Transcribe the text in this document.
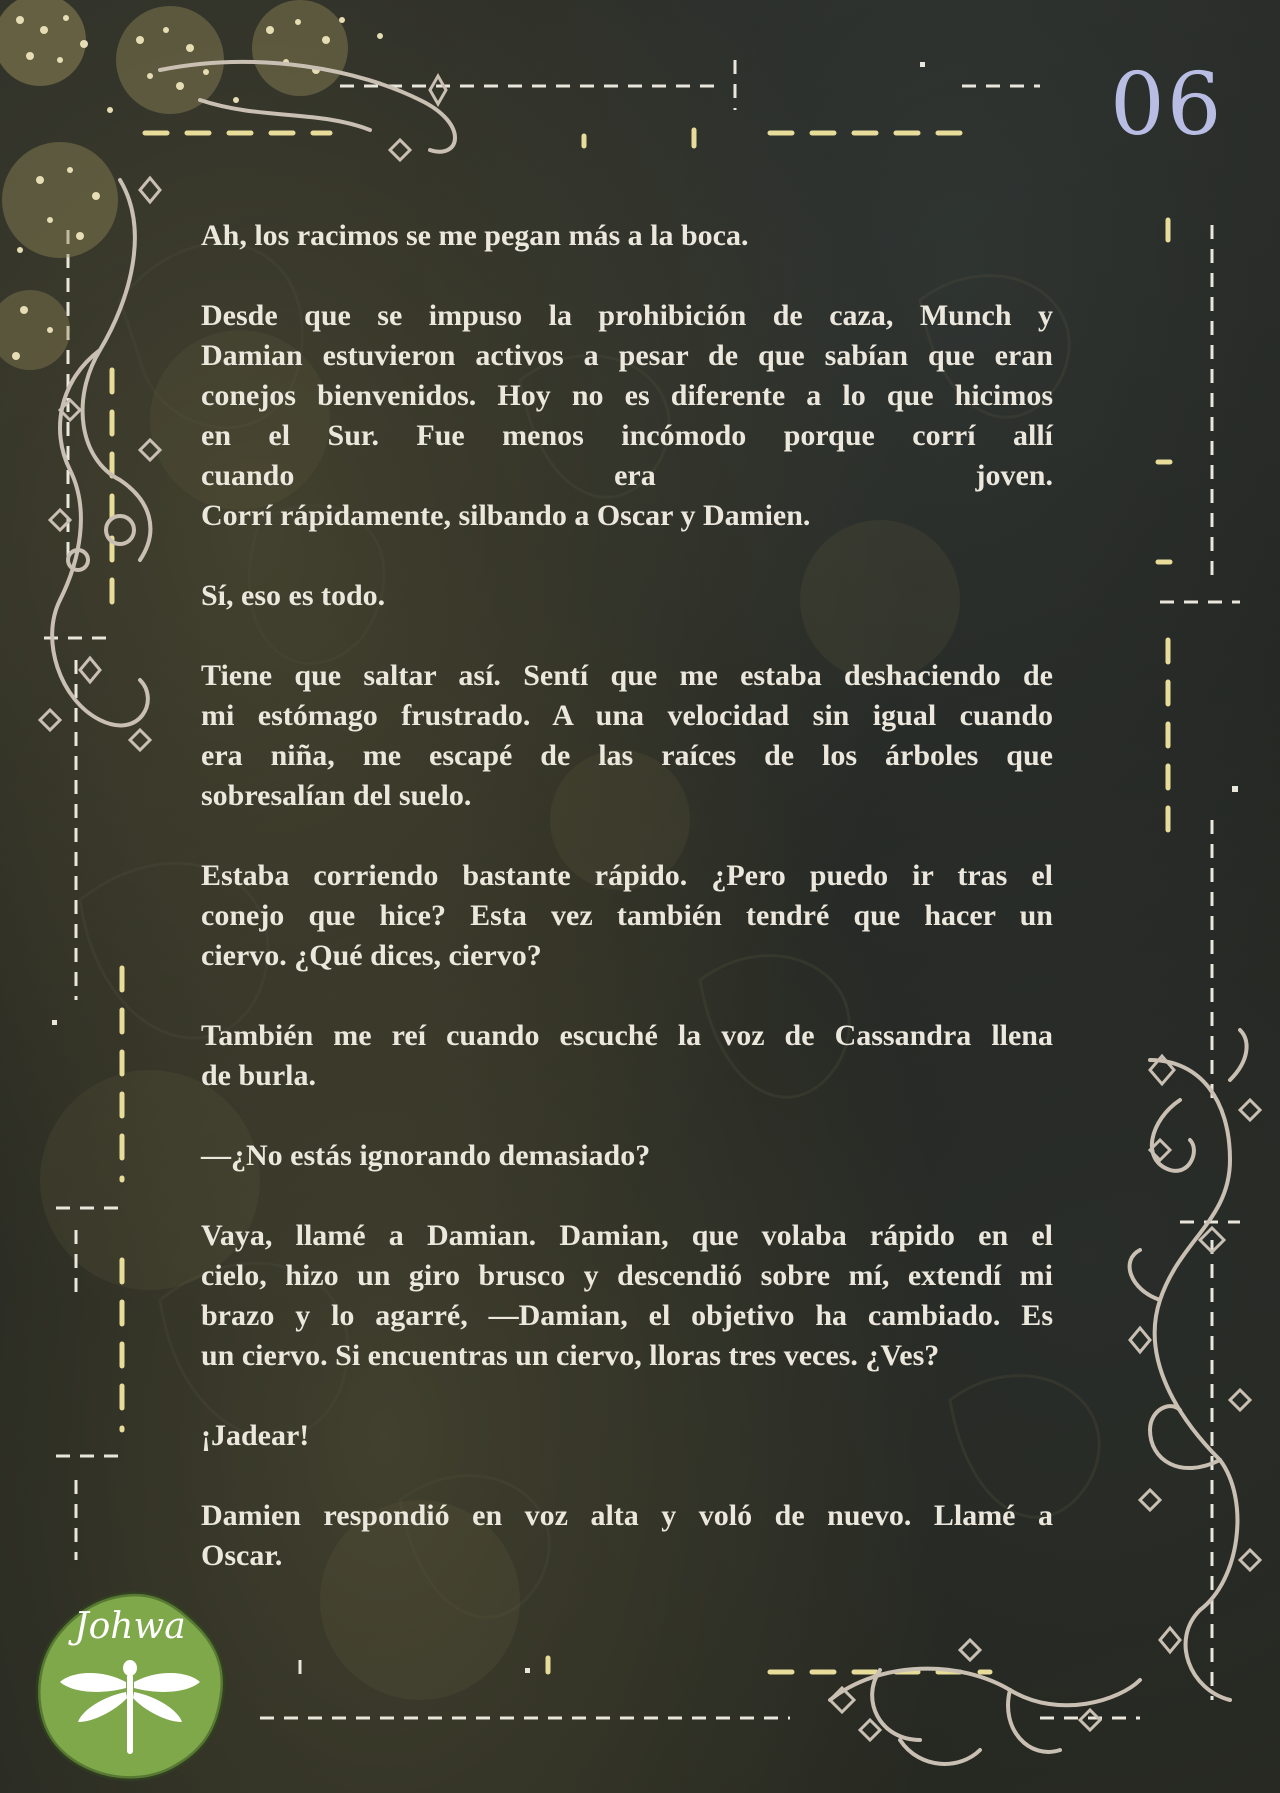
06

Ah, los racimos se me pegan más a la boca.

Desde que se impuso la prohibición de caza, Munch y
Damian estuvieron activos a pesar de que sabían que eran
conejos bienvenidos. Hoy no es diferente a lo que hicimos
en el Sur. Fue menos incómodo porque corrí allí
cuando era joven.
Corrí rápidamente, silbando a Oscar y Damien.

Sí, eso es todo.

Tiene que saltar así. Sentí que me estaba deshaciendo de
mi estómago frustrado. A una velocidad sin igual cuando
era niña, me escapé de las raíces de los árboles que
sobresalían del suelo.

Estaba corriendo bastante rápido. ¿Pero puedo ir tras el
conejo que hice? Esta vez también tendré que hacer un
ciervo. ¿Qué dices, ciervo?

También me reí cuando escuché la voz de Cassandra llena
de burla.

—¿No estás ignorando demasiado?

Vaya, llamé a Damian. Damian, que volaba rápido en el
cielo, hizo un giro brusco y descendió sobre mí, extendí mi
brazo y lo agarré, —Damian, el objetivo ha cambiado. Es
un ciervo. Si encuentras un ciervo, lloras tres veces. ¿Ves?

¡Jadear!

Damien respondió en voz alta y voló de nuevo. Llamé a
Oscar.

Johwa
